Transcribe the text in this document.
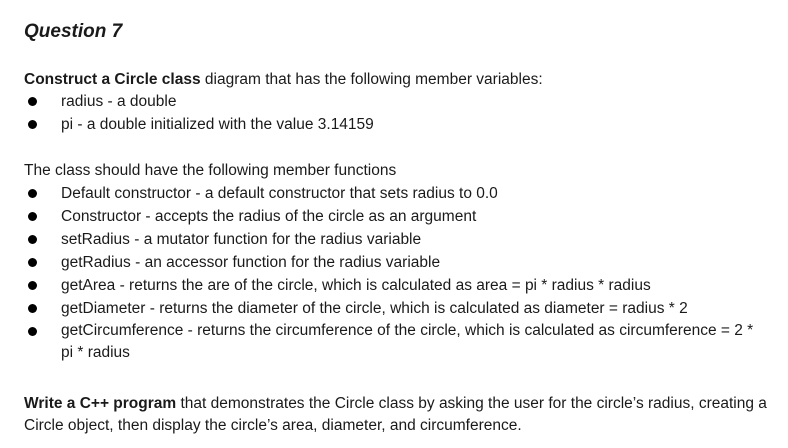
Question 7

Construct a Circle class diagram that has the following member variables:

radius - a double
pi - a double initialized with the value 3.14159

The class should have the following member functions

Default constructor - a default constructor that sets radius to 0.0
Constructor - accepts the radius of the circle as an argument
setRadius - a mutator function for the radius variable
getRadius - an accessor function for the radius variable
getArea - returns the are of the circle, which is calculated as area = pi * radius * radius
getDiameter - returns the diameter of the circle, which is calculated as diameter = radius * 2
getCircumference - returns the circumference of the circle, which is calculated as circumference = 2 * pi * radius

Write a C++ program that demonstrates the Circle class by asking the user for the circle’s radius, creating a Circle object, then display the circle’s area, diameter, and circumference.
